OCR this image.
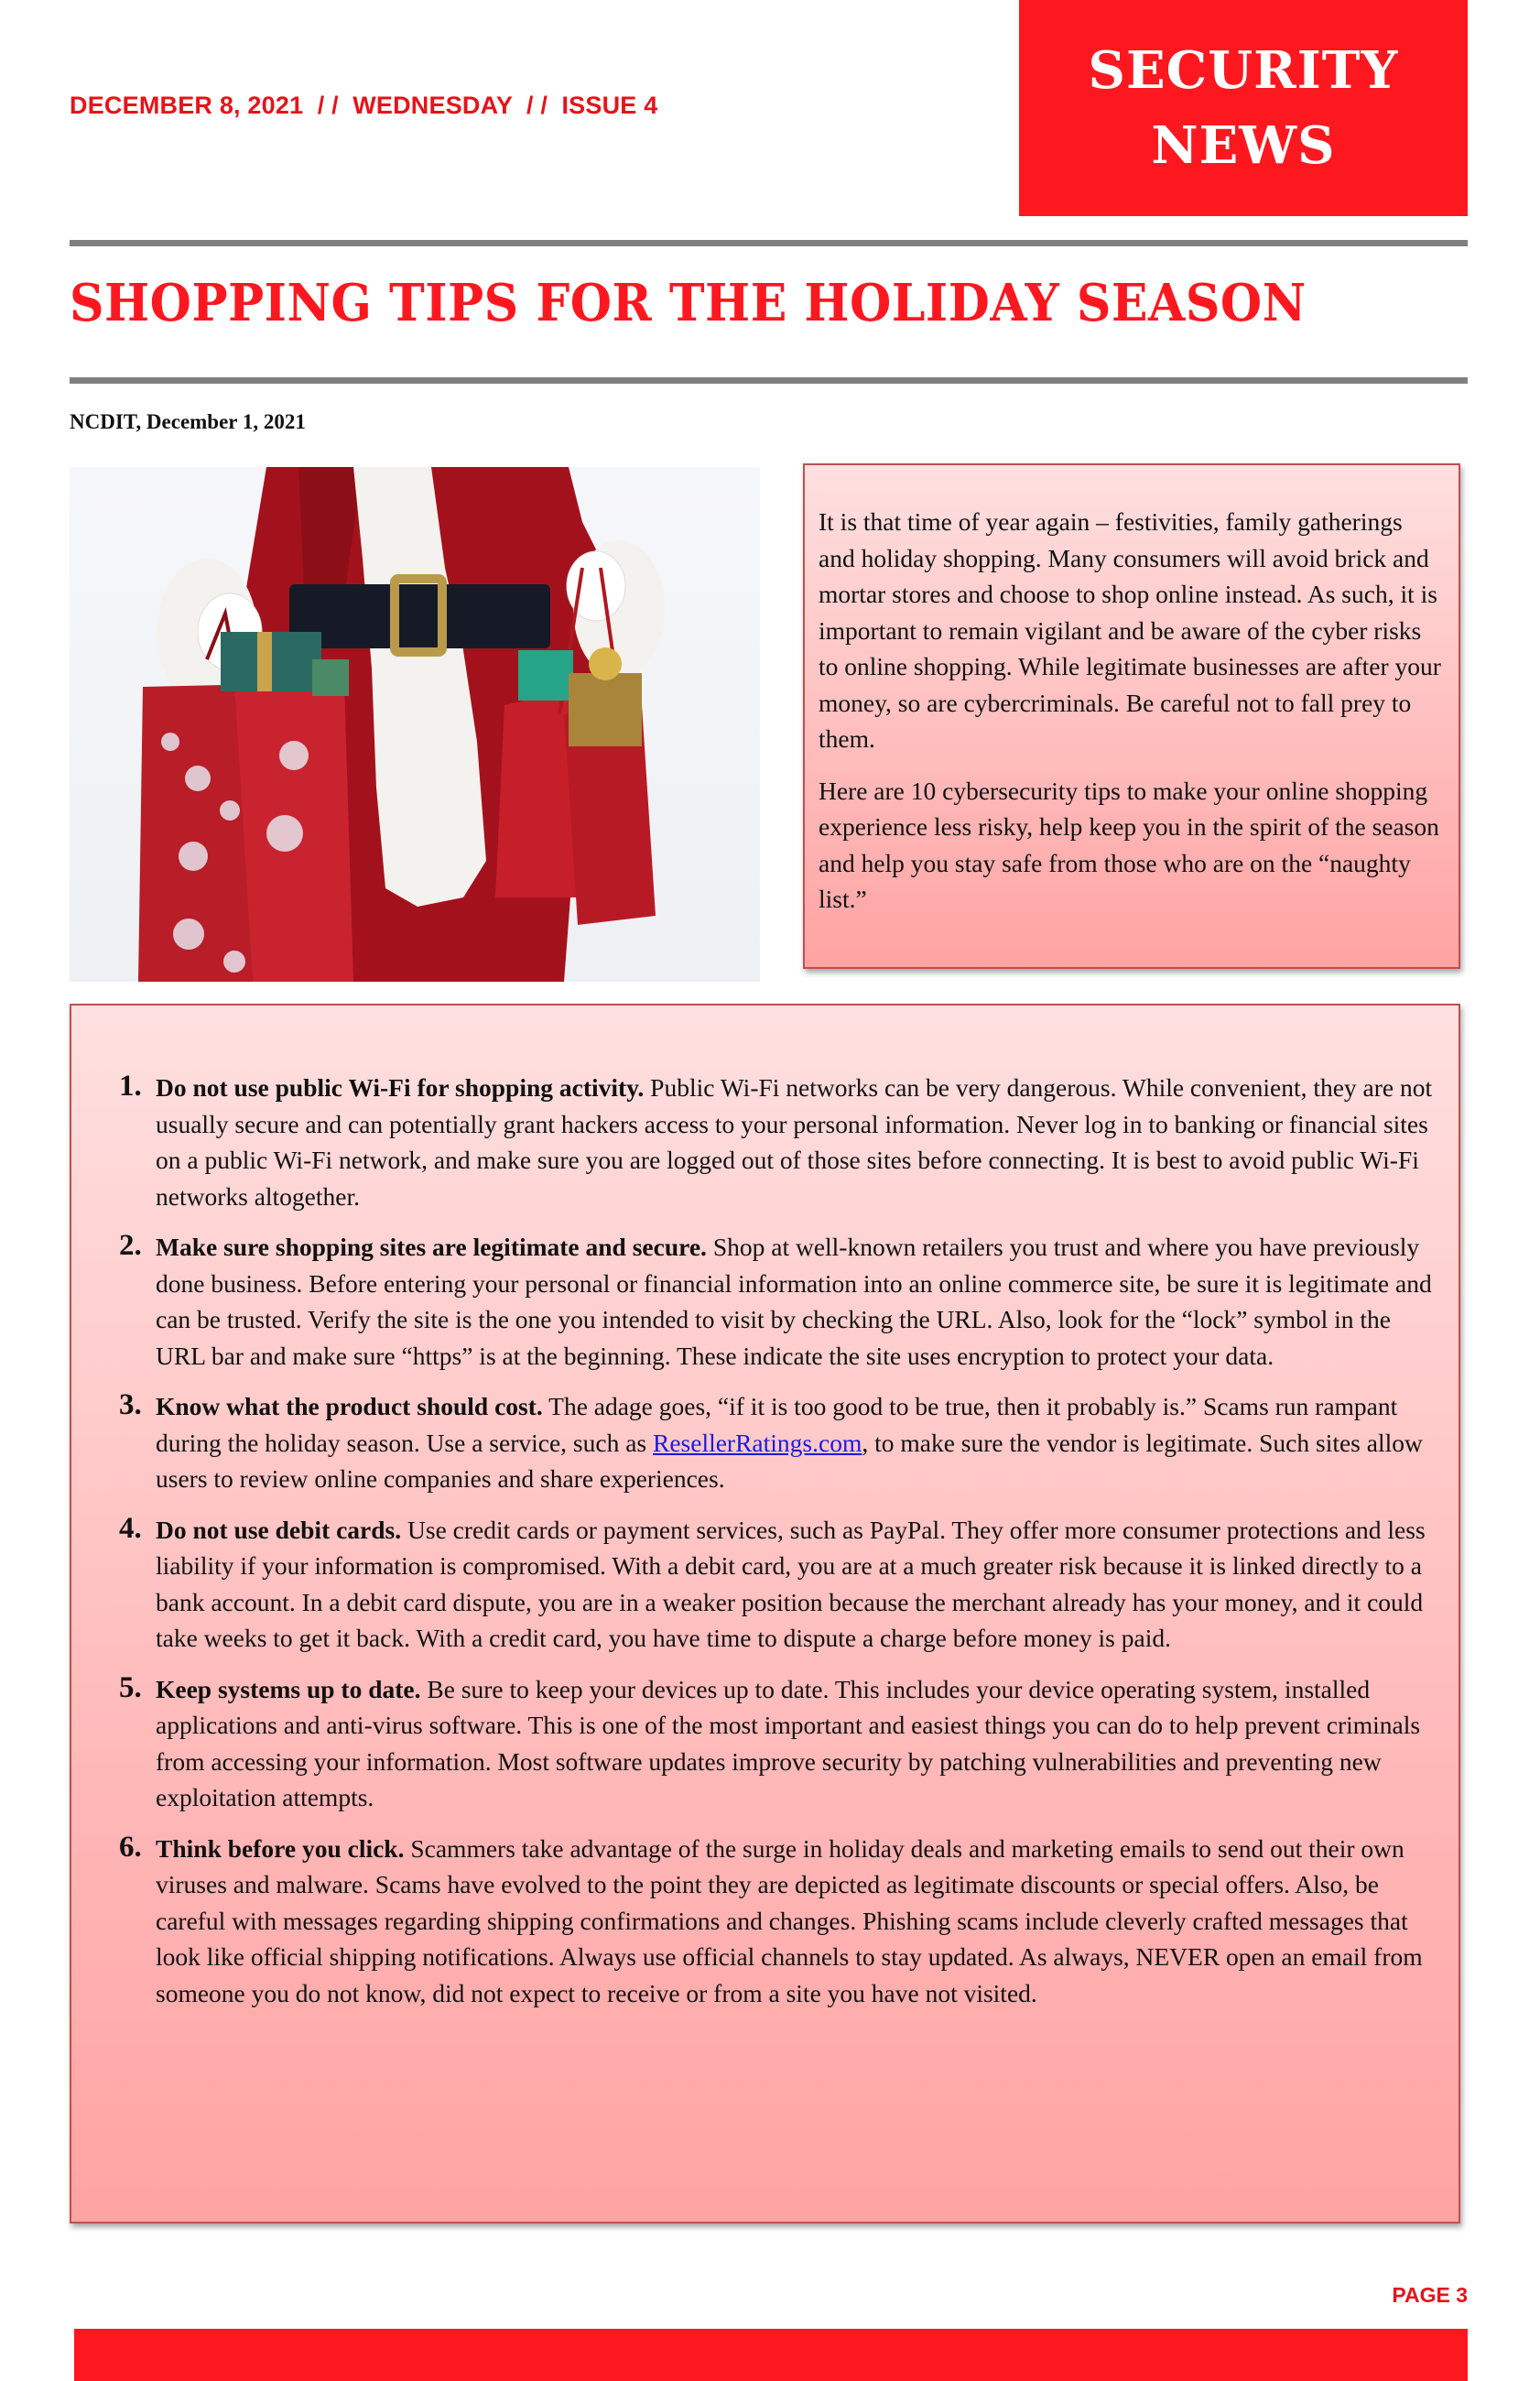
DECEMBER 8, 2021  / /  WEDNESDAY  / /  ISSUE 4
SECURITY
NEWS
SHOPPING TIPS FOR THE HOLIDAY SEASON
NCDIT, December 1, 2021

It is that time of year again – festivities, family gatherings and holiday shopping. Many consumers will avoid brick and mortar stores and choose to shop online instead. As such, it is important to remain vigilant and be aware of the cyber risks to online shopping. While legitimate businesses are after your money, so are cybercriminals. Be careful not to fall prey to them.

Here are 10 cybersecurity tips to make your online shopping experience less risky, help keep you in the spirit of the season and help you stay safe from those who are on the “naughty list.”

1. Do not use public Wi-Fi for shopping activity. Public Wi-Fi networks can be very dangerous. While convenient, they are not usually secure and can potentially grant hackers access to your personal information. Never log in to banking or financial sites on a public Wi-Fi network, and make sure you are logged out of those sites before connecting. It is best to avoid public Wi-Fi networks altogether.
2. Make sure shopping sites are legitimate and secure. Shop at well-known retailers you trust and where you have previously done business. Before entering your personal or financial information into an online commerce site, be sure it is legitimate and can be trusted. Verify the site is the one you intended to visit by checking the URL. Also, look for the “lock” symbol in the URL bar and make sure “https” is at the beginning. These indicate the site uses encryption to protect your data.
3. Know what the product should cost. The adage goes, “if it is too good to be true, then it probably is.” Scams run rampant during the holiday season. Use a service, such as ResellerRatings.com, to make sure the vendor is legitimate. Such sites allow users to review online companies and share experiences.
4. Do not use debit cards. Use credit cards or payment services, such as PayPal. They offer more consumer protections and less liability if your information is compromised. With a debit card, you are at a much greater risk because it is linked directly to a bank account. In a debit card dispute, you are in a weaker position because the merchant already has your money, and it could take weeks to get it back. With a credit card, you have time to dispute a charge before money is paid.
5. Keep systems up to date. Be sure to keep your devices up to date. This includes your device operating system, installed applications and anti-virus software. This is one of the most important and easiest things you can do to help prevent criminals from accessing your information. Most software updates improve security by patching vulnerabilities and preventing new exploitation attempts.
6. Think before you click. Scammers take advantage of the surge in holiday deals and marketing emails to send out their own viruses and malware. Scams have evolved to the point they are depicted as legitimate discounts or special offers. Also, be careful with messages regarding shipping confirmations and changes. Phishing scams include cleverly crafted messages that look like official shipping notifications. Always use official channels to stay updated. As always, NEVER open an email from someone you do not know, did not expect to receive or from a site you have not visited.
PAGE 3
